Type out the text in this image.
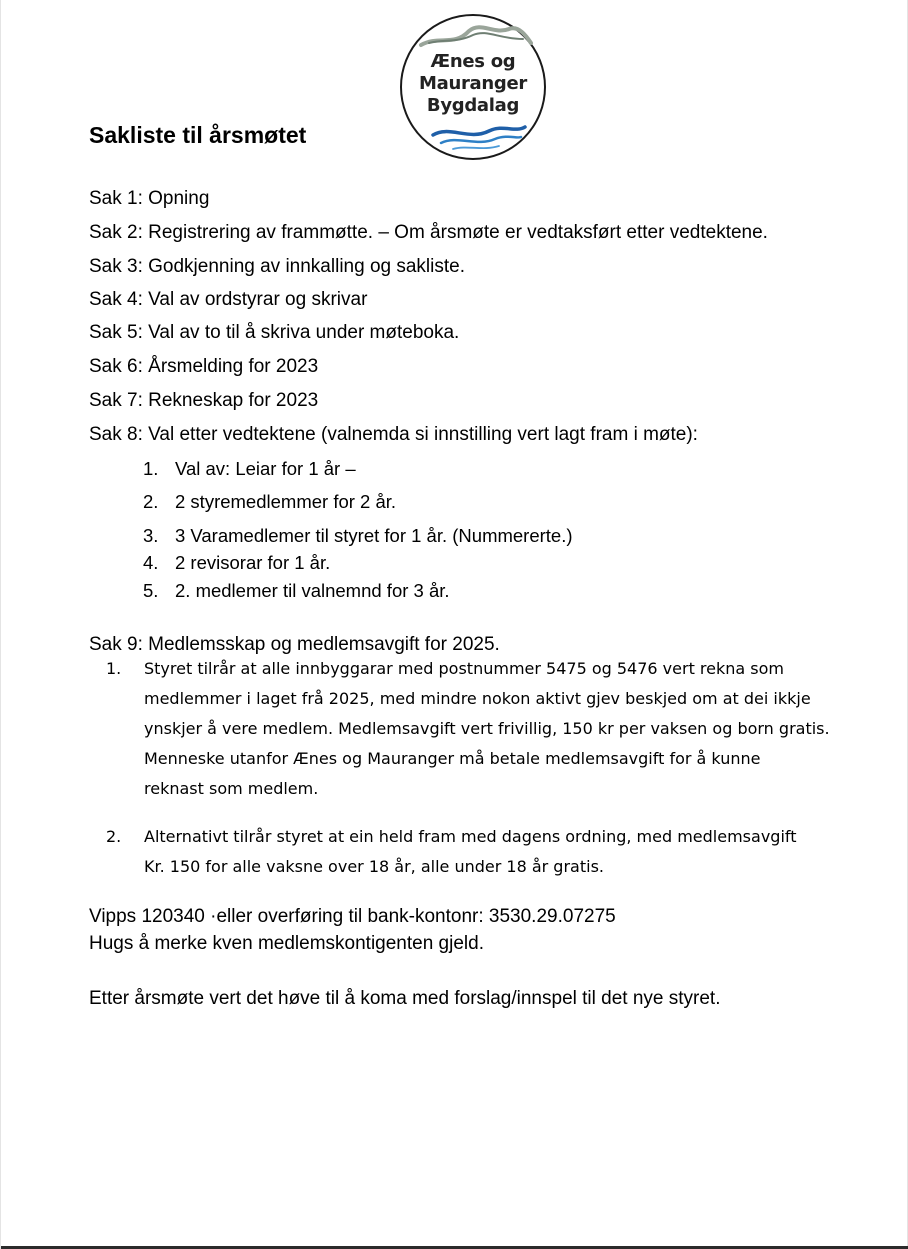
Ænes og
Mauranger
Bygdalag
Sakliste til årsmøtet
Sak 1: Opning
Sak 2: Registrering av frammøtte. – Om årsmøte er vedtaksført etter vedtektene.
Sak 3: Godkjenning av innkalling og sakliste.
Sak 4: Val av ordstyrar og skrivar
Sak 5: Val av to til å skriva under møteboka.
Sak 6: Årsmelding for 2023
Sak 7: Rekneskap for 2023
Sak 8: Val etter vedtektene (valnemda si innstilling vert lagt fram i møte):
1. Val av: Leiar for 1 år –
2. 2 styremedlemmer for 2 år.
3. 3 Varamedlemer til styret for 1 år. (Nummererte.)
4. 2 revisorar for 1 år.
5. 2. medlemer til valnemnd for 3 år.
Sak 9: Medlemsskap og medlemsavgift for 2025.
1. Styret tilrår at alle innbyggarar med postnummer 5475 og 5476 vert rekna som
medlemmer i laget frå 2025, med mindre nokon aktivt gjev beskjed om at dei ikkje
ynskjer å vere medlem. Medlemsavgift vert frivillig, 150 kr per vaksen og born gratis.
Menneske utanfor Ænes og Mauranger må betale medlemsavgift for å kunne
reknast som medlem.
2. Alternativt tilrår styret at ein held fram med dagens ordning, med medlemsavgift
Kr. 150 for alle vaksne over 18 år, alle under 18 år gratis.
Vipps 120340 ·eller overføring til bank-kontonr: 3530.29.07275
Hugs å merke kven medlemskontigenten gjeld.
Etter årsmøte vert det høve til å koma med forslag/innspel til det nye styret.
